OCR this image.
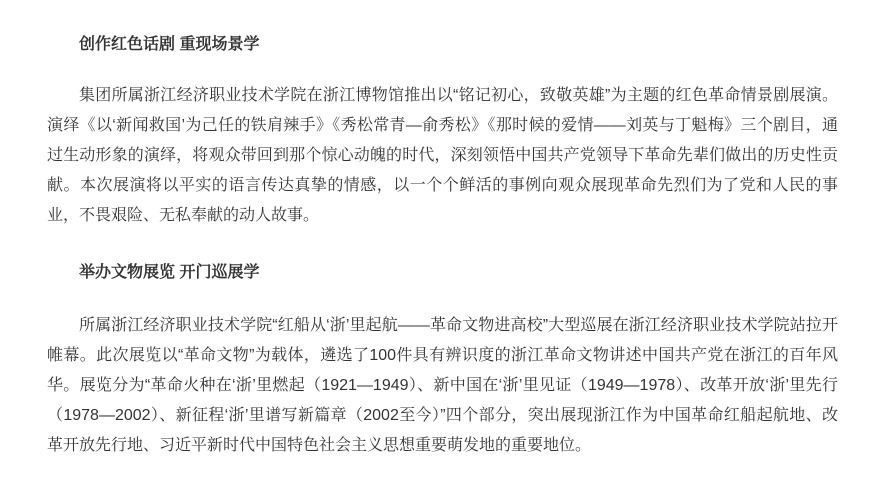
创作红色话剧 重现场景学

集团所属浙江经济职业技术学院在浙江博物馆推出以“铭记初心，致敬英雄”为主题的红色革命情景剧展演。演绎《以‘新闻救国’为己任的铁肩辣手》《秀松常青—俞秀松》《那时候的爱情——刘英与丁魁梅》三个剧目，通过生动形象的演绎，将观众带回到那个惊心动魄的时代，深刻领悟中国共产党领导下革命先辈们做出的历史性贡献。本次展演将以平实的语言传达真挚的情感，以一个个鲜活的事例向观众展现革命先烈们为了党和人民的事业，不畏艰险、无私奉献的动人故事。

举办文物展览 开门巡展学

所属浙江经济职业技术学院“红船从‘浙’里起航——革命文物进高校”大型巡展在浙江经济职业技术学院站拉开帷幕。此次展览以“革命文物”为载体，遴选了100件具有辨识度的浙江革命文物讲述中国共产党在浙江的百年风华。展览分为“革命火种在‘浙’里燃起（1921—1949）、新中国在‘浙’里见证（1949—1978）、改革开放‘浙’里先行（1978—2002）、新征程‘浙’里谱写新篇章（2002至今）”四个部分，突出展现浙江作为中国革命红船起航地、改革开放先行地、习近平新时代中国特色社会主义思想重要萌发地的重要地位。
